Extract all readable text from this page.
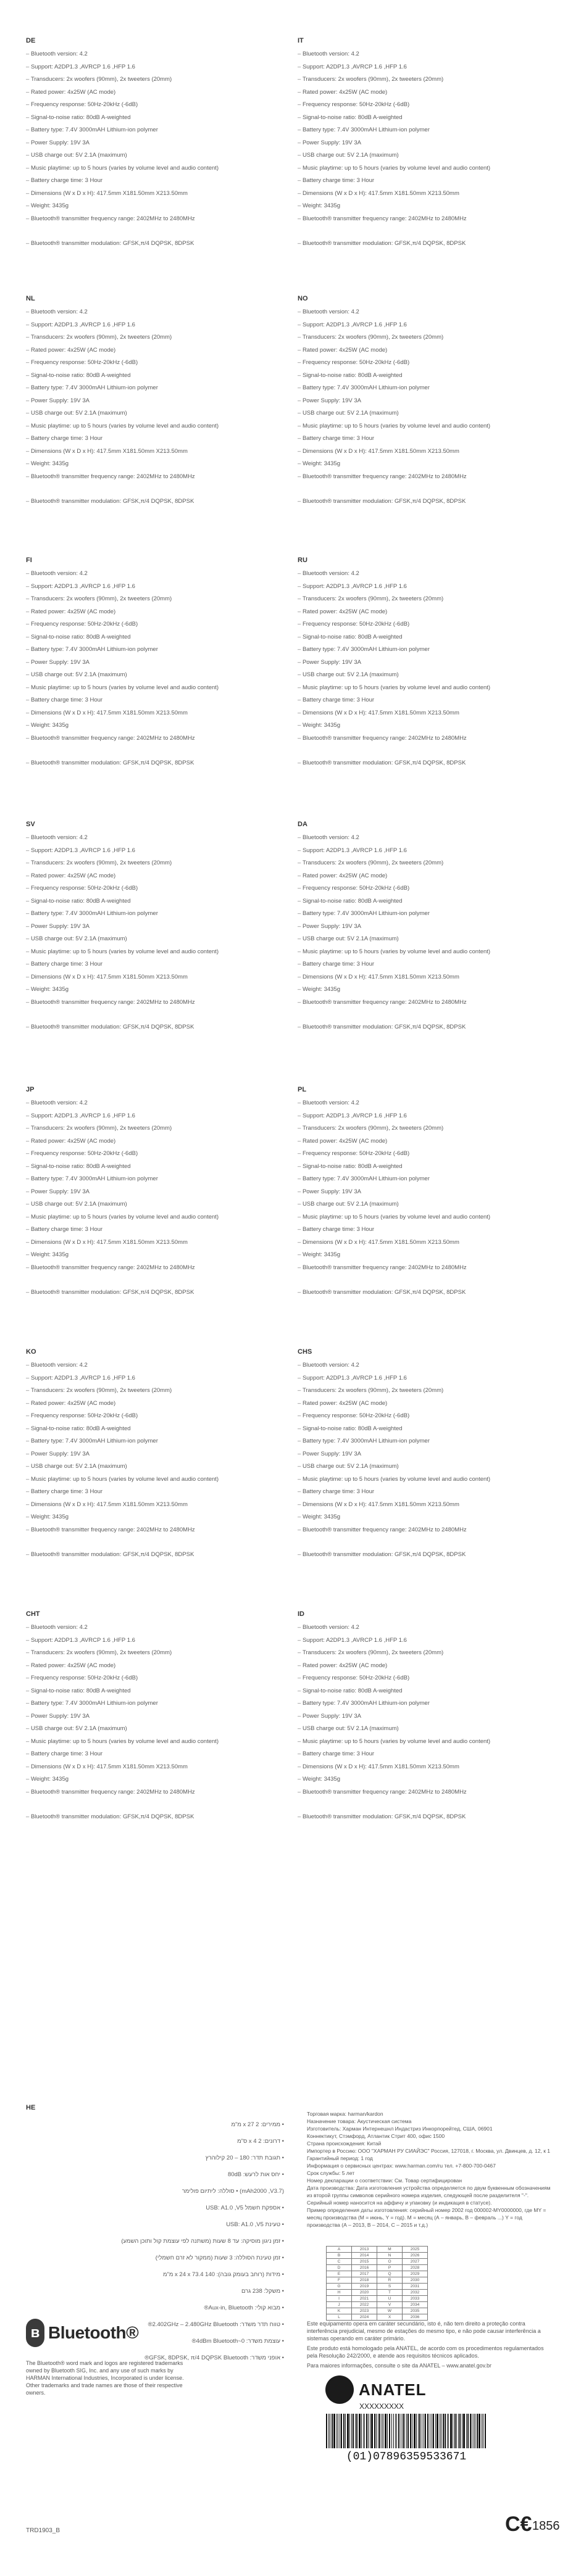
DE
– Bluetooth version: 4.2
– Support: A2DP1.3 ,AVRCP 1.6 ,HFP 1.6
– Transducers: 2x woofers (90mm), 2x tweeters (20mm)
– Rated power: 4x25W (AC mode)
– Frequency response: 50Hz-20kHz (-6dB)
– Signal-to-noise ratio: 80dB A-weighted
– Battery type: 7.4V 3000mAH Lithium-ion polymer
– Power Supply: 19V 3A
– USB charge out: 5V 2.1A (maximum)
– Music playtime: up to 5 hours (varies by volume level and audio content)
– Battery charge time: 3 Hour
– Dimensions (W x D x H): 417.5mm X181.50mm X213.50mm
– Weight: 3435g
– Bluetooth® transmitter frequency range: 2402MHz to 2480MHz
– Bluetooth® transmitter modulation: GFSK,π/4 DQPSK, 8DPSK
IT
– Bluetooth version: 4.2
– Support: A2DP1.3 ,AVRCP 1.6 ,HFP 1.6
– Transducers: 2x woofers (90mm), 2x tweeters (20mm)
– Rated power: 4x25W (AC mode)
– Frequency response: 50Hz-20kHz (-6dB)
– Signal-to-noise ratio: 80dB A-weighted
– Battery type: 7.4V 3000mAH Lithium-ion polymer
– Power Supply: 19V 3A
– USB charge out: 5V 2.1A (maximum)
– Music playtime: up to 5 hours (varies by volume level and audio content)
– Battery charge time: 3 Hour
– Dimensions (W x D x H): 417.5mm X181.50mm X213.50mm
– Weight: 3435g
– Bluetooth® transmitter frequency range: 2402MHz to 2480MHz
– Bluetooth® transmitter modulation: GFSK,π/4 DQPSK, 8DPSK
NL
– Bluetooth version: 4.2
– Support: A2DP1.3 ,AVRCP 1.6 ,HFP 1.6
– Transducers: 2x woofers (90mm), 2x tweeters (20mm)
– Rated power: 4x25W (AC mode)
– Frequency response: 50Hz-20kHz (-6dB)
– Signal-to-noise ratio: 80dB A-weighted
– Battery type: 7.4V 3000mAH Lithium-ion polymer
– Power Supply: 19V 3A
– USB charge out: 5V 2.1A (maximum)
– Music playtime: up to 5 hours (varies by volume level and audio content)
– Battery charge time: 3 Hour
– Dimensions (W x D x H): 417.5mm X181.50mm X213.50mm
– Weight: 3435g
– Bluetooth® transmitter frequency range: 2402MHz to 2480MHz
– Bluetooth® transmitter modulation: GFSK,π/4 DQPSK, 8DPSK
NO
– Bluetooth version: 4.2
– Support: A2DP1.3 ,AVRCP 1.6 ,HFP 1.6
– Transducers: 2x woofers (90mm), 2x tweeters (20mm)
– Rated power: 4x25W (AC mode)
– Frequency response: 50Hz-20kHz (-6dB)
– Signal-to-noise ratio: 80dB A-weighted
– Battery type: 7.4V 3000mAH Lithium-ion polymer
– Power Supply: 19V 3A
– USB charge out: 5V 2.1A (maximum)
– Music playtime: up to 5 hours (varies by volume level and audio content)
– Battery charge time: 3 Hour
– Dimensions (W x D x H): 417.5mm X181.50mm X213.50mm
– Weight: 3435g
– Bluetooth® transmitter frequency range: 2402MHz to 2480MHz
– Bluetooth® transmitter modulation: GFSK,π/4 DQPSK, 8DPSK
FI
– Bluetooth version: 4.2
– Support: A2DP1.3 ,AVRCP 1.6 ,HFP 1.6
– Transducers: 2x woofers (90mm), 2x tweeters (20mm)
– Rated power: 4x25W (AC mode)
– Frequency response: 50Hz-20kHz (-6dB)
– Signal-to-noise ratio: 80dB A-weighted
– Battery type: 7.4V 3000mAH Lithium-ion polymer
– Power Supply: 19V 3A
– USB charge out: 5V 2.1A (maximum)
– Music playtime: up to 5 hours (varies by volume level and audio content)
– Battery charge time: 3 Hour
– Dimensions (W x D x H): 417.5mm X181.50mm X213.50mm
– Weight: 3435g
– Bluetooth® transmitter frequency range: 2402MHz to 2480MHz
– Bluetooth® transmitter modulation: GFSK,π/4 DQPSK, 8DPSK
RU
– Bluetooth version: 4.2
– Support: A2DP1.3 ,AVRCP 1.6 ,HFP 1.6
– Transducers: 2x woofers (90mm), 2x tweeters (20mm)
– Rated power: 4x25W (AC mode)
– Frequency response: 50Hz-20kHz (-6dB)
– Signal-to-noise ratio: 80dB A-weighted
– Battery type: 7.4V 3000mAH Lithium-ion polymer
– Power Supply: 19V 3A
– USB charge out: 5V 2.1A (maximum)
– Music playtime: up to 5 hours (varies by volume level and audio content)
– Battery charge time: 3 Hour
– Dimensions (W x D x H): 417.5mm X181.50mm X213.50mm
– Weight: 3435g
– Bluetooth® transmitter frequency range: 2402MHz to 2480MHz
– Bluetooth® transmitter modulation: GFSK,π/4 DQPSK, 8DPSK
SV
– Bluetooth version: 4.2
– Support: A2DP1.3 ,AVRCP 1.6 ,HFP 1.6
– Transducers: 2x woofers (90mm), 2x tweeters (20mm)
– Rated power: 4x25W (AC mode)
– Frequency response: 50Hz-20kHz (-6dB)
– Signal-to-noise ratio: 80dB A-weighted
– Battery type: 7.4V 3000mAH Lithium-ion polymer
– Power Supply: 19V 3A
– USB charge out: 5V 2.1A (maximum)
– Music playtime: up to 5 hours (varies by volume level and audio content)
– Battery charge time: 3 Hour
– Dimensions (W x D x H): 417.5mm X181.50mm X213.50mm
– Weight: 3435g
– Bluetooth® transmitter frequency range: 2402MHz to 2480MHz
– Bluetooth® transmitter modulation: GFSK,π/4 DQPSK, 8DPSK
DA
– Bluetooth version: 4.2
– Support: A2DP1.3 ,AVRCP 1.6 ,HFP 1.6
– Transducers: 2x woofers (90mm), 2x tweeters (20mm)
– Rated power: 4x25W (AC mode)
– Frequency response: 50Hz-20kHz (-6dB)
– Signal-to-noise ratio: 80dB A-weighted
– Battery type: 7.4V 3000mAH Lithium-ion polymer
– Power Supply: 19V 3A
– USB charge out: 5V 2.1A (maximum)
– Music playtime: up to 5 hours (varies by volume level and audio content)
– Battery charge time: 3 Hour
– Dimensions (W x D x H): 417.5mm X181.50mm X213.50mm
– Weight: 3435g
– Bluetooth® transmitter frequency range: 2402MHz to 2480MHz
– Bluetooth® transmitter modulation: GFSK,π/4 DQPSK, 8DPSK
JP
– Bluetooth version: 4.2
– Support: A2DP1.3 ,AVRCP 1.6 ,HFP 1.6
– Transducers: 2x woofers (90mm), 2x tweeters (20mm)
– Rated power: 4x25W (AC mode)
– Frequency response: 50Hz-20kHz (-6dB)
– Signal-to-noise ratio: 80dB A-weighted
– Battery type: 7.4V 3000mAH Lithium-ion polymer
– Power Supply: 19V 3A
– USB charge out: 5V 2.1A (maximum)
– Music playtime: up to 5 hours (varies by volume level and audio content)
– Battery charge time: 3 Hour
– Dimensions (W x D x H): 417.5mm X181.50mm X213.50mm
– Weight: 3435g
– Bluetooth® transmitter frequency range: 2402MHz to 2480MHz
– Bluetooth® transmitter modulation: GFSK,π/4 DQPSK, 8DPSK
PL
– Bluetooth version: 4.2
– Support: A2DP1.3 ,AVRCP 1.6 ,HFP 1.6
– Transducers: 2x woofers (90mm), 2x tweeters (20mm)
– Rated power: 4x25W (AC mode)
– Frequency response: 50Hz-20kHz (-6dB)
– Signal-to-noise ratio: 80dB A-weighted
– Battery type: 7.4V 3000mAH Lithium-ion polymer
– Power Supply: 19V 3A
– USB charge out: 5V 2.1A (maximum)
– Music playtime: up to 5 hours (varies by volume level and audio content)
– Battery charge time: 3 Hour
– Dimensions (W x D x H): 417.5mm X181.50mm X213.50mm
– Weight: 3435g
– Bluetooth® transmitter frequency range: 2402MHz to 2480MHz
– Bluetooth® transmitter modulation: GFSK,π/4 DQPSK, 8DPSK
KO
– Bluetooth version: 4.2
– Support: A2DP1.3 ,AVRCP 1.6 ,HFP 1.6
– Transducers: 2x woofers (90mm), 2x tweeters (20mm)
– Rated power: 4x25W (AC mode)
– Frequency response: 50Hz-20kHz (-6dB)
– Signal-to-noise ratio: 80dB A-weighted
– Battery type: 7.4V 3000mAH Lithium-ion polymer
– Power Supply: 19V 3A
– USB charge out: 5V 2.1A (maximum)
– Music playtime: up to 5 hours (varies by volume level and audio content)
– Battery charge time: 3 Hour
– Dimensions (W x D x H): 417.5mm X181.50mm X213.50mm
– Weight: 3435g
– Bluetooth® transmitter frequency range: 2402MHz to 2480MHz
– Bluetooth® transmitter modulation: GFSK,π/4 DQPSK, 8DPSK
CHS
– Bluetooth version: 4.2
– Support: A2DP1.3 ,AVRCP 1.6 ,HFP 1.6
– Transducers: 2x woofers (90mm), 2x tweeters (20mm)
– Rated power: 4x25W (AC mode)
– Frequency response: 50Hz-20kHz (-6dB)
– Signal-to-noise ratio: 80dB A-weighted
– Battery type: 7.4V 3000mAH Lithium-ion polymer
– Power Supply: 19V 3A
– USB charge out: 5V 2.1A (maximum)
– Music playtime: up to 5 hours (varies by volume level and audio content)
– Battery charge time: 3 Hour
– Dimensions (W x D x H): 417.5mm X181.50mm X213.50mm
– Weight: 3435g
– Bluetooth® transmitter frequency range: 2402MHz to 2480MHz
– Bluetooth® transmitter modulation: GFSK,π/4 DQPSK, 8DPSK
CHT
– Bluetooth version: 4.2
– Support: A2DP1.3 ,AVRCP 1.6 ,HFP 1.6
– Transducers: 2x woofers (90mm), 2x tweeters (20mm)
– Rated power: 4x25W (AC mode)
– Frequency response: 50Hz-20kHz (-6dB)
– Signal-to-noise ratio: 80dB A-weighted
– Battery type: 7.4V 3000mAH Lithium-ion polymer
– Power Supply: 19V 3A
– USB charge out: 5V 2.1A (maximum)
– Music playtime: up to 5 hours (varies by volume level and audio content)
– Battery charge time: 3 Hour
– Dimensions (W x D x H): 417.5mm X181.50mm X213.50mm
– Weight: 3435g
– Bluetooth® transmitter frequency range: 2402MHz to 2480MHz
– Bluetooth® transmitter modulation: GFSK,π/4 DQPSK, 8DPSK
ID
– Bluetooth version: 4.2
– Support: A2DP1.3 ,AVRCP 1.6 ,HFP 1.6
– Transducers: 2x woofers (90mm), 2x tweeters (20mm)
– Rated power: 4x25W (AC mode)
– Frequency response: 50Hz-20kHz (-6dB)
– Signal-to-noise ratio: 80dB A-weighted
– Battery type: 7.4V 3000mAH Lithium-ion polymer
– Power Supply: 19V 3A
– USB charge out: 5V 2.1A (maximum)
– Music playtime: up to 5 hours (varies by volume level and audio content)
– Battery charge time: 3 Hour
– Dimensions (W x D x H): 417.5mm X181.50mm X213.50mm
– Weight: 3435g
– Bluetooth® transmitter frequency range: 2402MHz to 2480MHz
– Bluetooth® transmitter modulation: GFSK,π/4 DQPSK, 8DPSK
HE
• ממירים: 2 x 27 מ"מ
• דרונים: 2 x 4 ס"מ
• תגובת תדר: 180 – 20 קילוהרץ
• יחס אות לרעש: 80dB
(mAh2000 ,V3.7) • סוללה: ליתיום פולימר
• אספקת חשמל USB: A1.0 ,V5
• טעינת USB: A1.0 ,V5
• זמן ניגון מוסיקה: עד 8 שעות (משתנה לפי עוצמת קול ותוכן השמע)
• זמן טעינת הסוללה: 3 שעות (ממקור לא זרם חשמלי)
• מידות (רוחב בעומק גובה): 140 x 24 x 73.4 מ"מ
• משקל: 238 גרם
• מבוא קולי: Aux-in, Bluetooth®
• טווח תדר משדר: 2.402GHz – 2.480GHz Bluetooth®
• עוצמת משדר: 0~4dBm Bluetooth®
• אופני משדר: GFSK, 8DPSK, π/4 DQPSK Bluetooth®
Торговая марка: harman/kardon
Назначение товара: Акустическая система
Изготовитель: Харман Интернешнл Индастриз Инкорпорейтед, США, 06901
Коннектикут, Стэмфорд, Атлантик Стрит 400, офис 1500
Страна происхождения: Китай
Импортер в Россию: ООО "ХАРМАН РУ СИАЙЭС" Россия, 127018, г. Москва, ул. Двинцев, д. 12, к 1
Гарантийный период: 1 год
Информация о сервисных центрах: www.harman.com/ru тел. +7-800-700-0467
Срок службы: 5 лет
Номер декларации о соответствии: См. Товар сертифицирован
Дата производства: Дата изготовления устройства определяется по двум буквенным обозначениям из второй группы символов серийного номера изделия, следующей после разделителя "-". Серийный номер наносится на аффичу и упаковку (и индикация в статусе).
Пример определения даты изготовления: серийный номер 2002 год 000002-MY0000000, где MY = месяц производства (M = июнь, Y = год). M = месяц (А – январь, В – февраль ...) Y = год производства (А – 2013, B – 2014, C – 2015 и т.д.)
A	2013	M	2025
B	2014	N	2026
C	2015	O	2027
D	2016	P	2028
E	2017	Q	2029
F	2018	R	2030
G	2019	S	2031
H	2020	T	2032
I	2021	U	2033
J	2022	V	2034
K	2023	W	2035
L	2024	X	2036
ʙ Bluetooth®
The Bluetooth® word mark and logos are registered trademarks owned by Bluetooth SIG, Inc. and any use of such marks by HARMAN International Industries, Incorporated is under license. Other trademarks and trade names are those of their respective owners.
Este equipamento opera em caráter secundário, isto é, não tem direito a proteção contra interferência prejudicial, mesmo de estações do mesmo tipo, e não pode causar interferência a sistemas operando em caráter primário.
Este produto está homologado pela ANATEL, de acordo com os procedimentos regulamentados pela Resolução 242/2000, e atende aos requisitos técnicos aplicados.
Para maiores informações, consulte o site da ANATEL – www.anatel.gov.br
ANATEL
XXXXXXXXX
(01)07896359533671
TRD1903_B	C€ 1856
